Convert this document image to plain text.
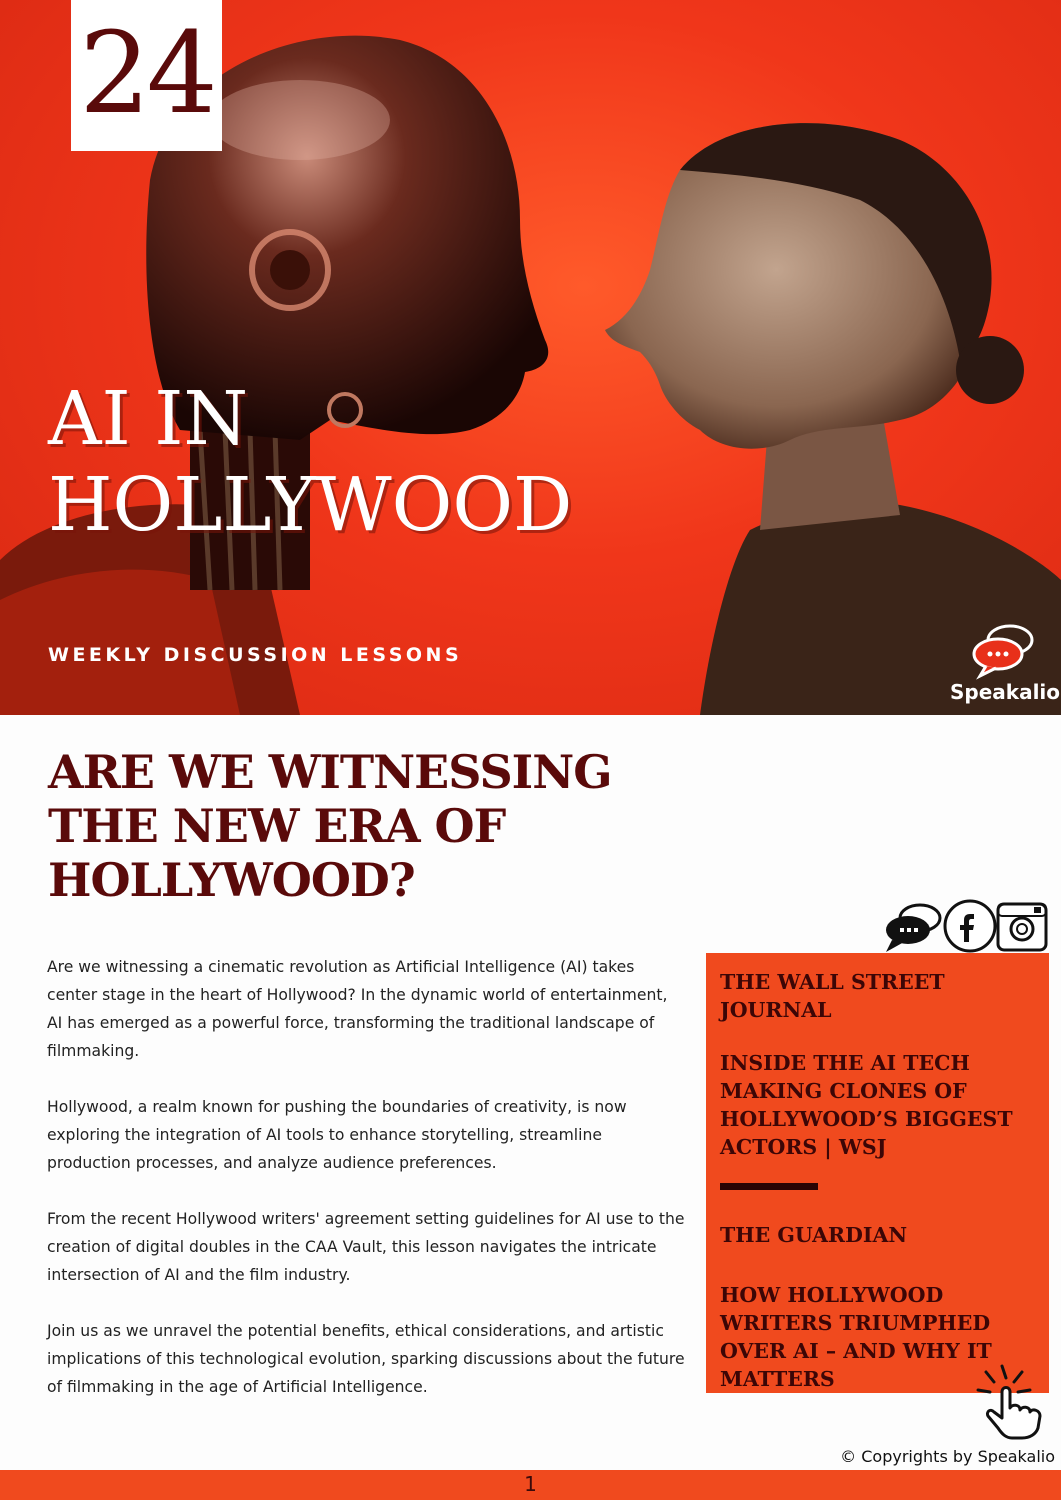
24
AI IN
HOLLYWOOD
WEEKLY DISCUSSION LESSONS
Speakalio
ARE WE WITNESSING
THE NEW ERA OF
HOLLYWOOD?

Are we witnessing a cinematic revolution as Artificial Intelligence (AI) takes center stage in the heart of Hollywood? In the dynamic world of entertainment, AI has emerged as a powerful force, transforming the traditional landscape of filmmaking.

Hollywood, a realm known for pushing the boundaries of creativity, is now exploring the integration of AI tools to enhance storytelling, streamline production processes, and analyze audience preferences.

From the recent Hollywood writers' agreement setting guidelines for AI use to the creation of digital doubles in the CAA Vault, this lesson navigates the intricate intersection of AI and the film industry.

Join us as we unravel the potential benefits, ethical considerations, and artistic implications of this technological evolution, sparking discussions about the future of filmmaking in the age of Artificial Intelligence.

THE WALL STREET JOURNAL

INSIDE THE AI TECH MAKING CLONES OF HOLLYWOOD’S BIGGEST ACTORS | WSJ

THE GUARDIAN

HOW HOLLYWOOD WRITERS TRIUMPHED OVER AI – AND WHY IT MATTERS

© Copyrights by Speakalio
1
